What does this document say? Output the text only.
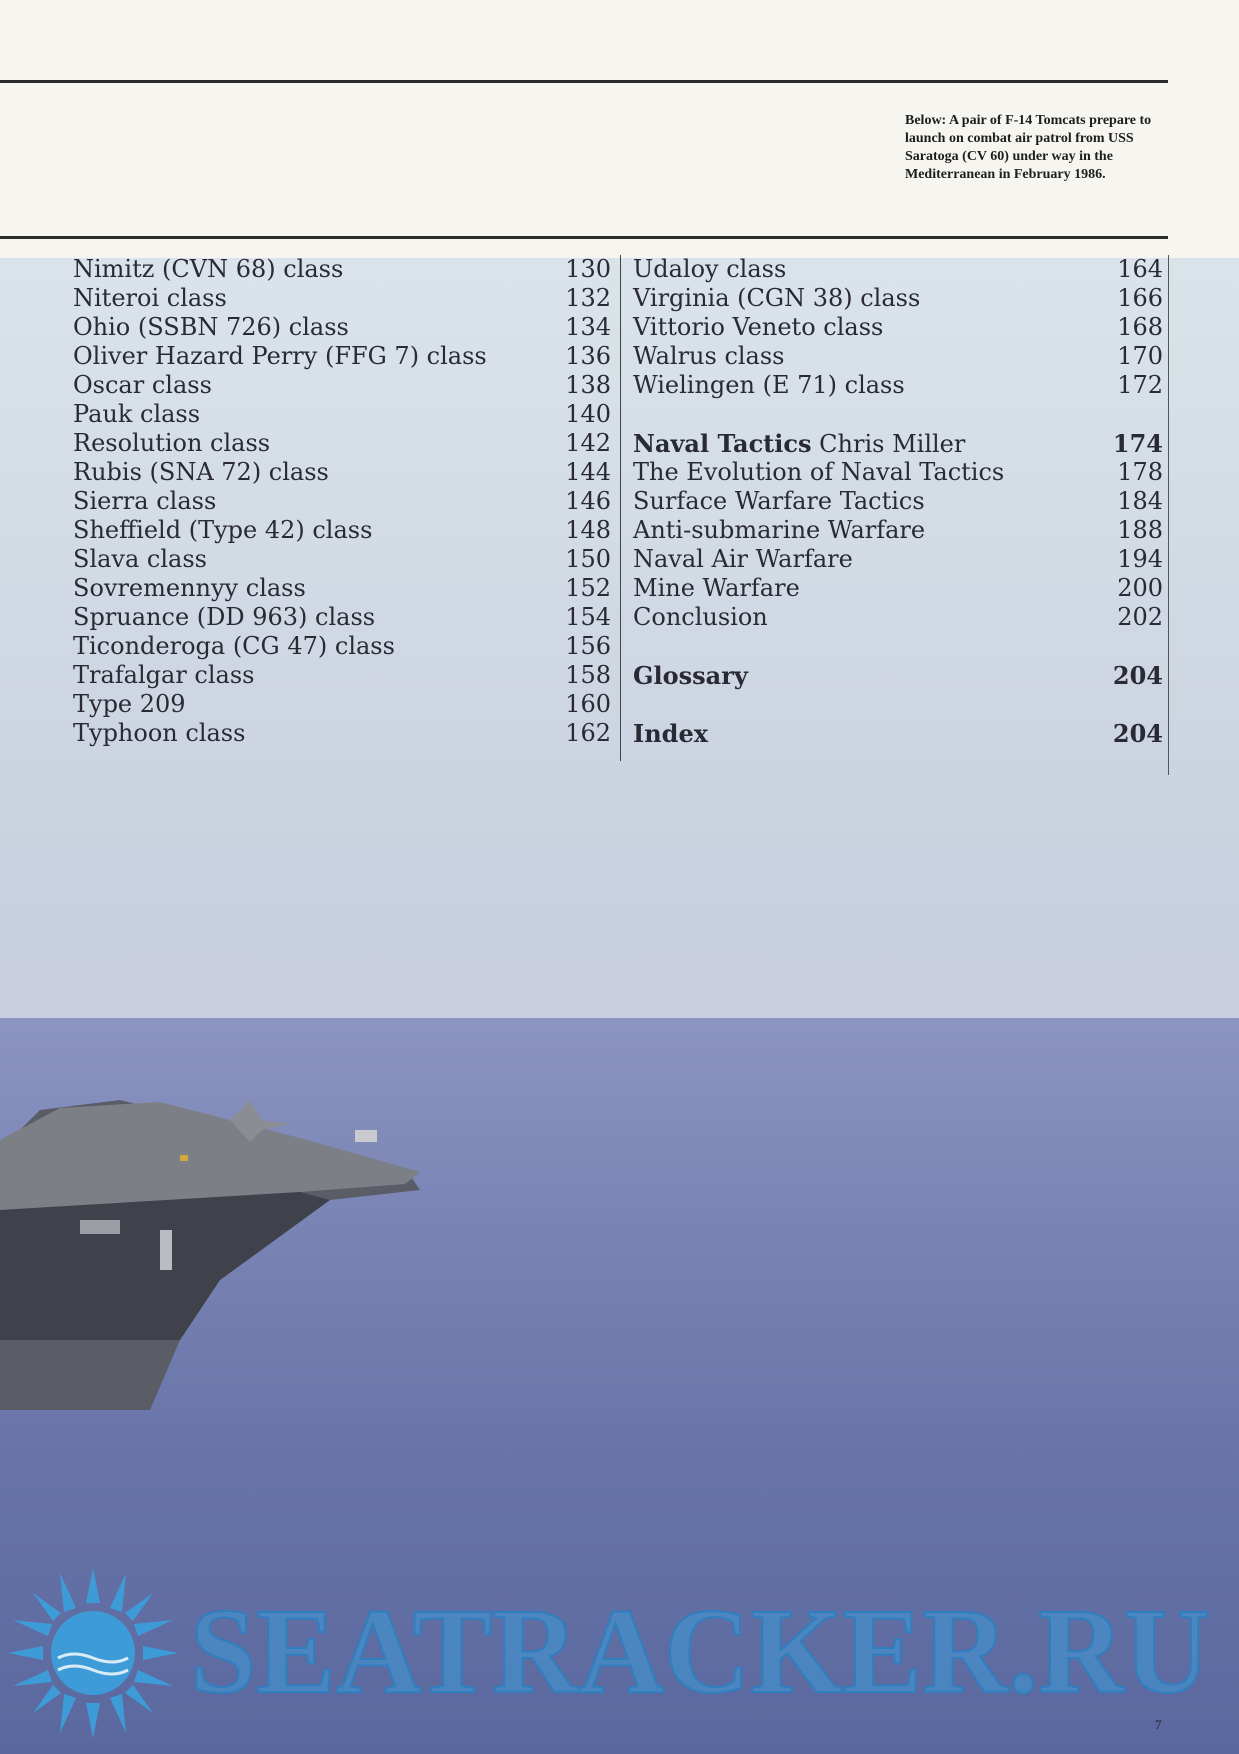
Below: A pair of F-14 Tomcats prepare to launch on combat air patrol from USS Saratoga (CV 60) under way in the Mediterranean in February 1986.
Nimitz (CVN 68) class	130
Niteroi class	132
Ohio (SSBN 726) class	134
Oliver Hazard Perry (FFG 7) class	136
Oscar class	138
Pauk class	140
Resolution class	142
Rubis (SNA 72) class	144
Sierra class	146
Sheffield (Type 42) class	148
Slava class	150
Sovremennyy class	152
Spruance (DD 963) class	154
Ticonderoga (CG 47) class	156
Trafalgar class	158
Type 209	160
Typhoon class	162
Udaloy class	164
Virginia (CGN 38) class	166
Vittorio Veneto class	168
Walrus class	170
Wielingen (E 71) class	172
Naval Tactics Chris Miller	174
The Evolution of Naval Tactics	178
Surface Warfare Tactics	184
Anti-submarine Warfare	188
Naval Air Warfare	194
Mine Warfare	200
Conclusion	202
Glossary	204
Index	204
SEATRACKER.RU
7
